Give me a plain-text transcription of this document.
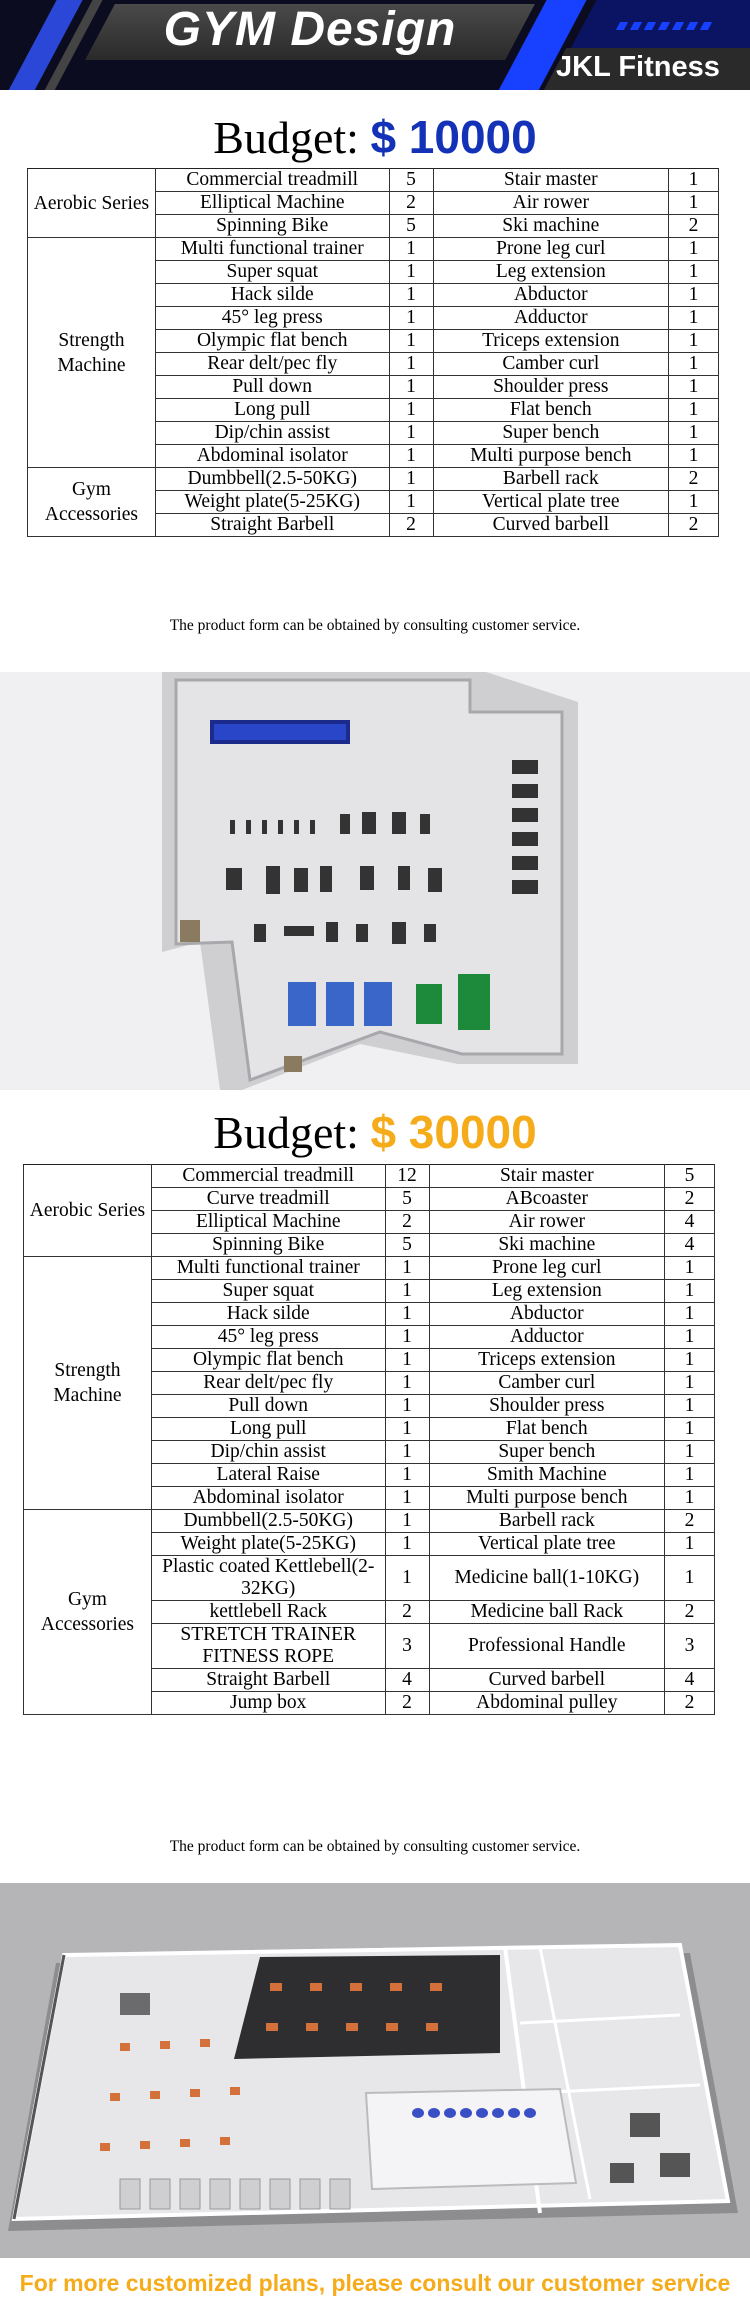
GYM Design
JKL Fitness
Budget: $ 10000
Aerobic Series	Commercial treadmill	5	Stair master	1
	Elliptical Machine	2	Air rower	1
	Spinning Bike	5	Ski machine	2
Strength Machine	Multi functional trainer	1	Prone leg curl	1
	Super squat	1	Leg extension	1
	Hack silde	1	Abductor	1
	45° leg press	1	Adductor	1
	Olympic flat bench	1	Triceps extension	1
	Rear delt/pec fly	1	Camber curl	1
	Pull down	1	Shoulder press	1
	Long pull	1	Flat bench	1
	Dip/chin assist	1	Super bench	1
	Abdominal isolator	1	Multi purpose bench	1
Gym Accessories	Dumbbell(2.5-50KG)	1	Barbell rack	2
	Weight plate(5-25KG)	1	Vertical plate tree	1
	Straight Barbell	2	Curved barbell	2
The product form can be obtained by consulting customer service.
Budget: $ 30000
Aerobic Series	Commercial treadmill	12	Stair master	5
	Curve treadmill	5	ABcoaster	2
	Elliptical Machine	2	Air rower	4
	Spinning Bike	5	Ski machine	4
Strength Machine	Multi functional trainer	1	Prone leg curl	1
	Super squat	1	Leg extension	1
	Hack silde	1	Abductor	1
	45° leg press	1	Adductor	1
	Olympic flat bench	1	Triceps extension	1
	Rear delt/pec fly	1	Camber curl	1
	Pull down	1	Shoulder press	1
	Long pull	1	Flat bench	1
	Dip/chin assist	1	Super bench	1
	Lateral Raise	1	Smith Machine	1
	Abdominal isolator	1	Multi purpose bench	1
Gym Accessories	Dumbbell(2.5-50KG)	1	Barbell rack	2
	Weight plate(5-25KG)	1	Vertical plate tree	1
	Plastic coated Kettlebell(2-32KG)	1	Medicine ball(1-10KG)	1
	kettlebell Rack	2	Medicine ball Rack	2
	STRETCH TRAINER FITNESS ROPE	3	Professional Handle	3
	Straight Barbell	4	Curved barbell	4
	Jump box	2	Abdominal pulley	2
The product form can be obtained by consulting customer service.
For more customized plans, please consult our customer service
